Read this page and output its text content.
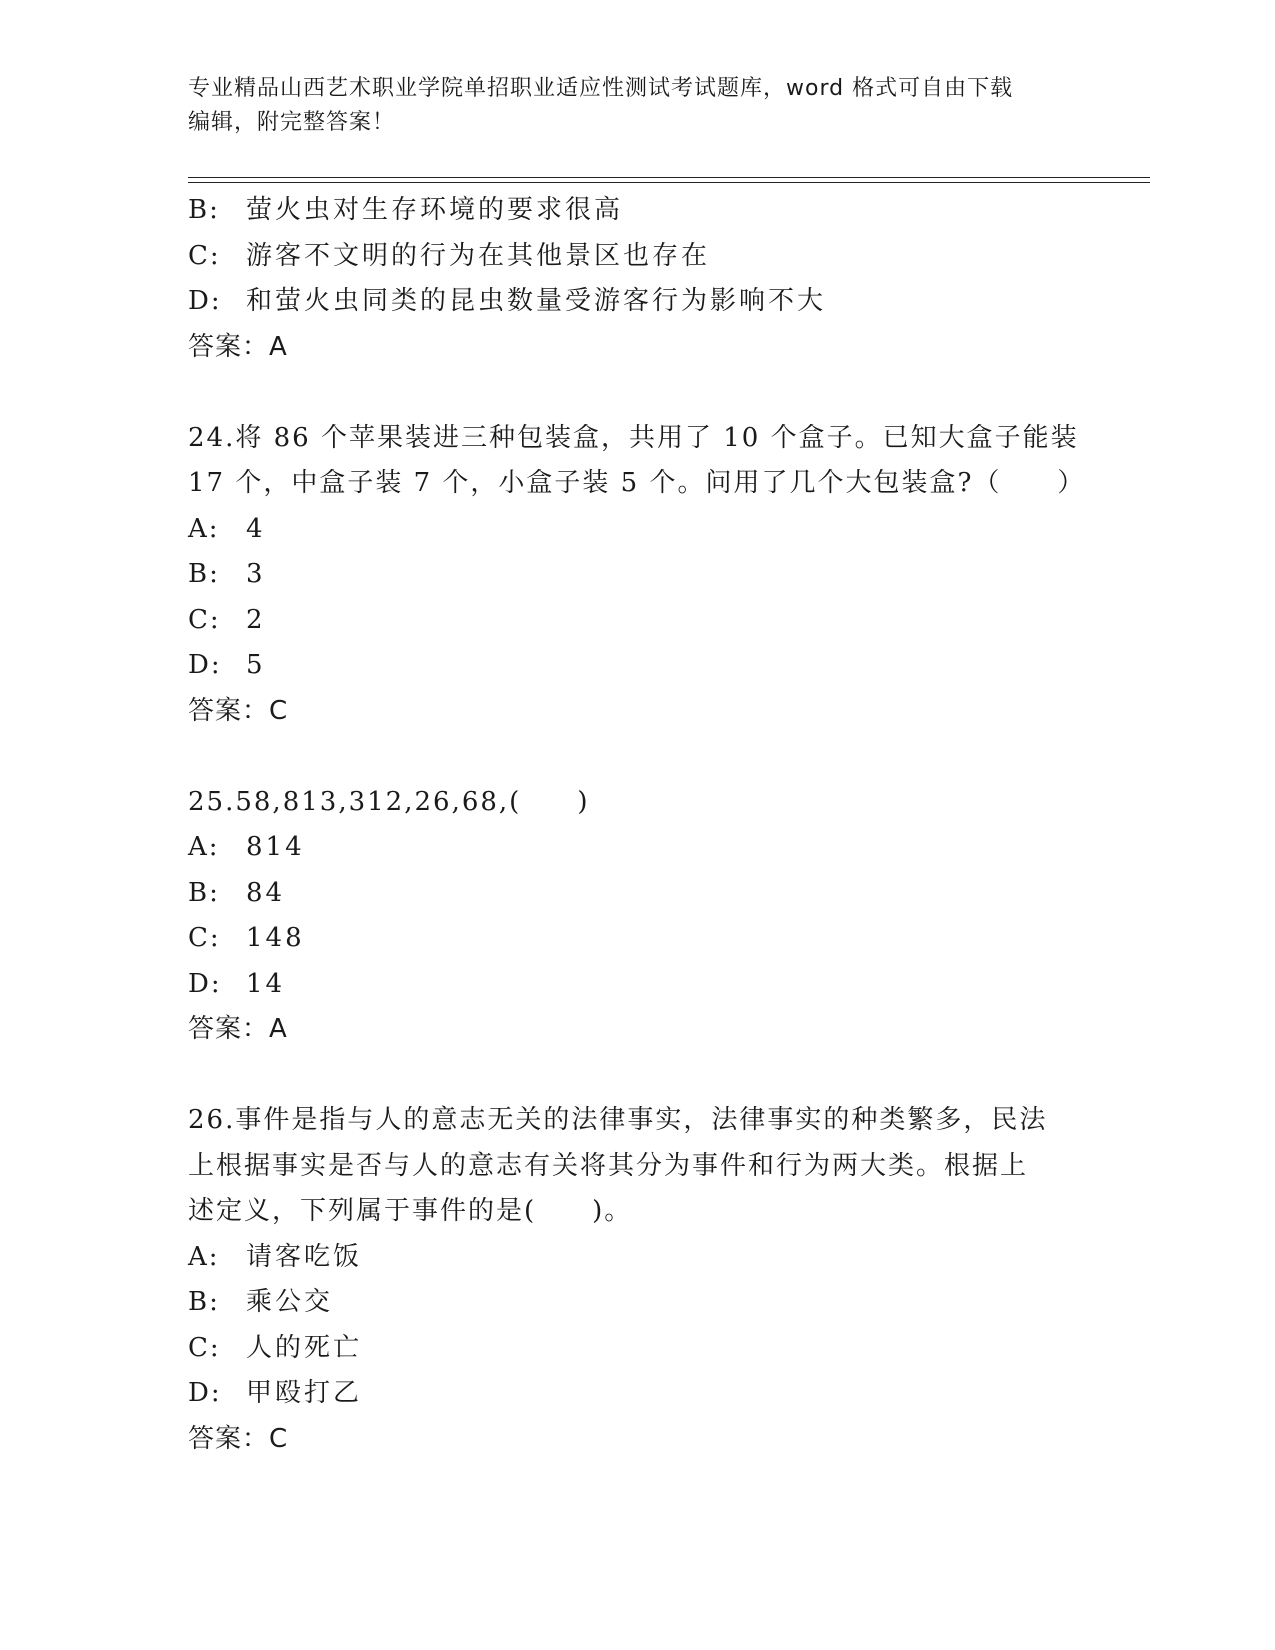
专业精品山西艺术职业学院单招职业适应性测试考试题库，word 格式可自由下载
编辑，附完整答案！
B:	萤火虫对生存环境的要求很高
C: 游客不文明的行为在其他景区也存在
D: 和萤火虫同类的昆虫数量受游客行为影响不大
答案：A
24.将 86 个苹果装进三种包装盒，共用了 10 个盒子。已知大盒子能装
17 个，中盒子装 7 个，小盒子装 5 个。问用了几个大包装盒?（　　）
A:	4
B:	3
C: 2
D: 5
答案：C
25.58,813,312,26,68,(　　)
A:	814
B:	84
C: 148
D: 14
答案：A
26.事件是指与人的意志无关的法律事实，法律事实的种类繁多，民法
上根据事实是否与人的意志有关将其分为事件和行为两大类。根据上
述定义，下列属于事件的是(　　)。
A:	请客吃饭
B:	乘公交
C: 人的死亡
D: 甲殴打乙
答案：C
